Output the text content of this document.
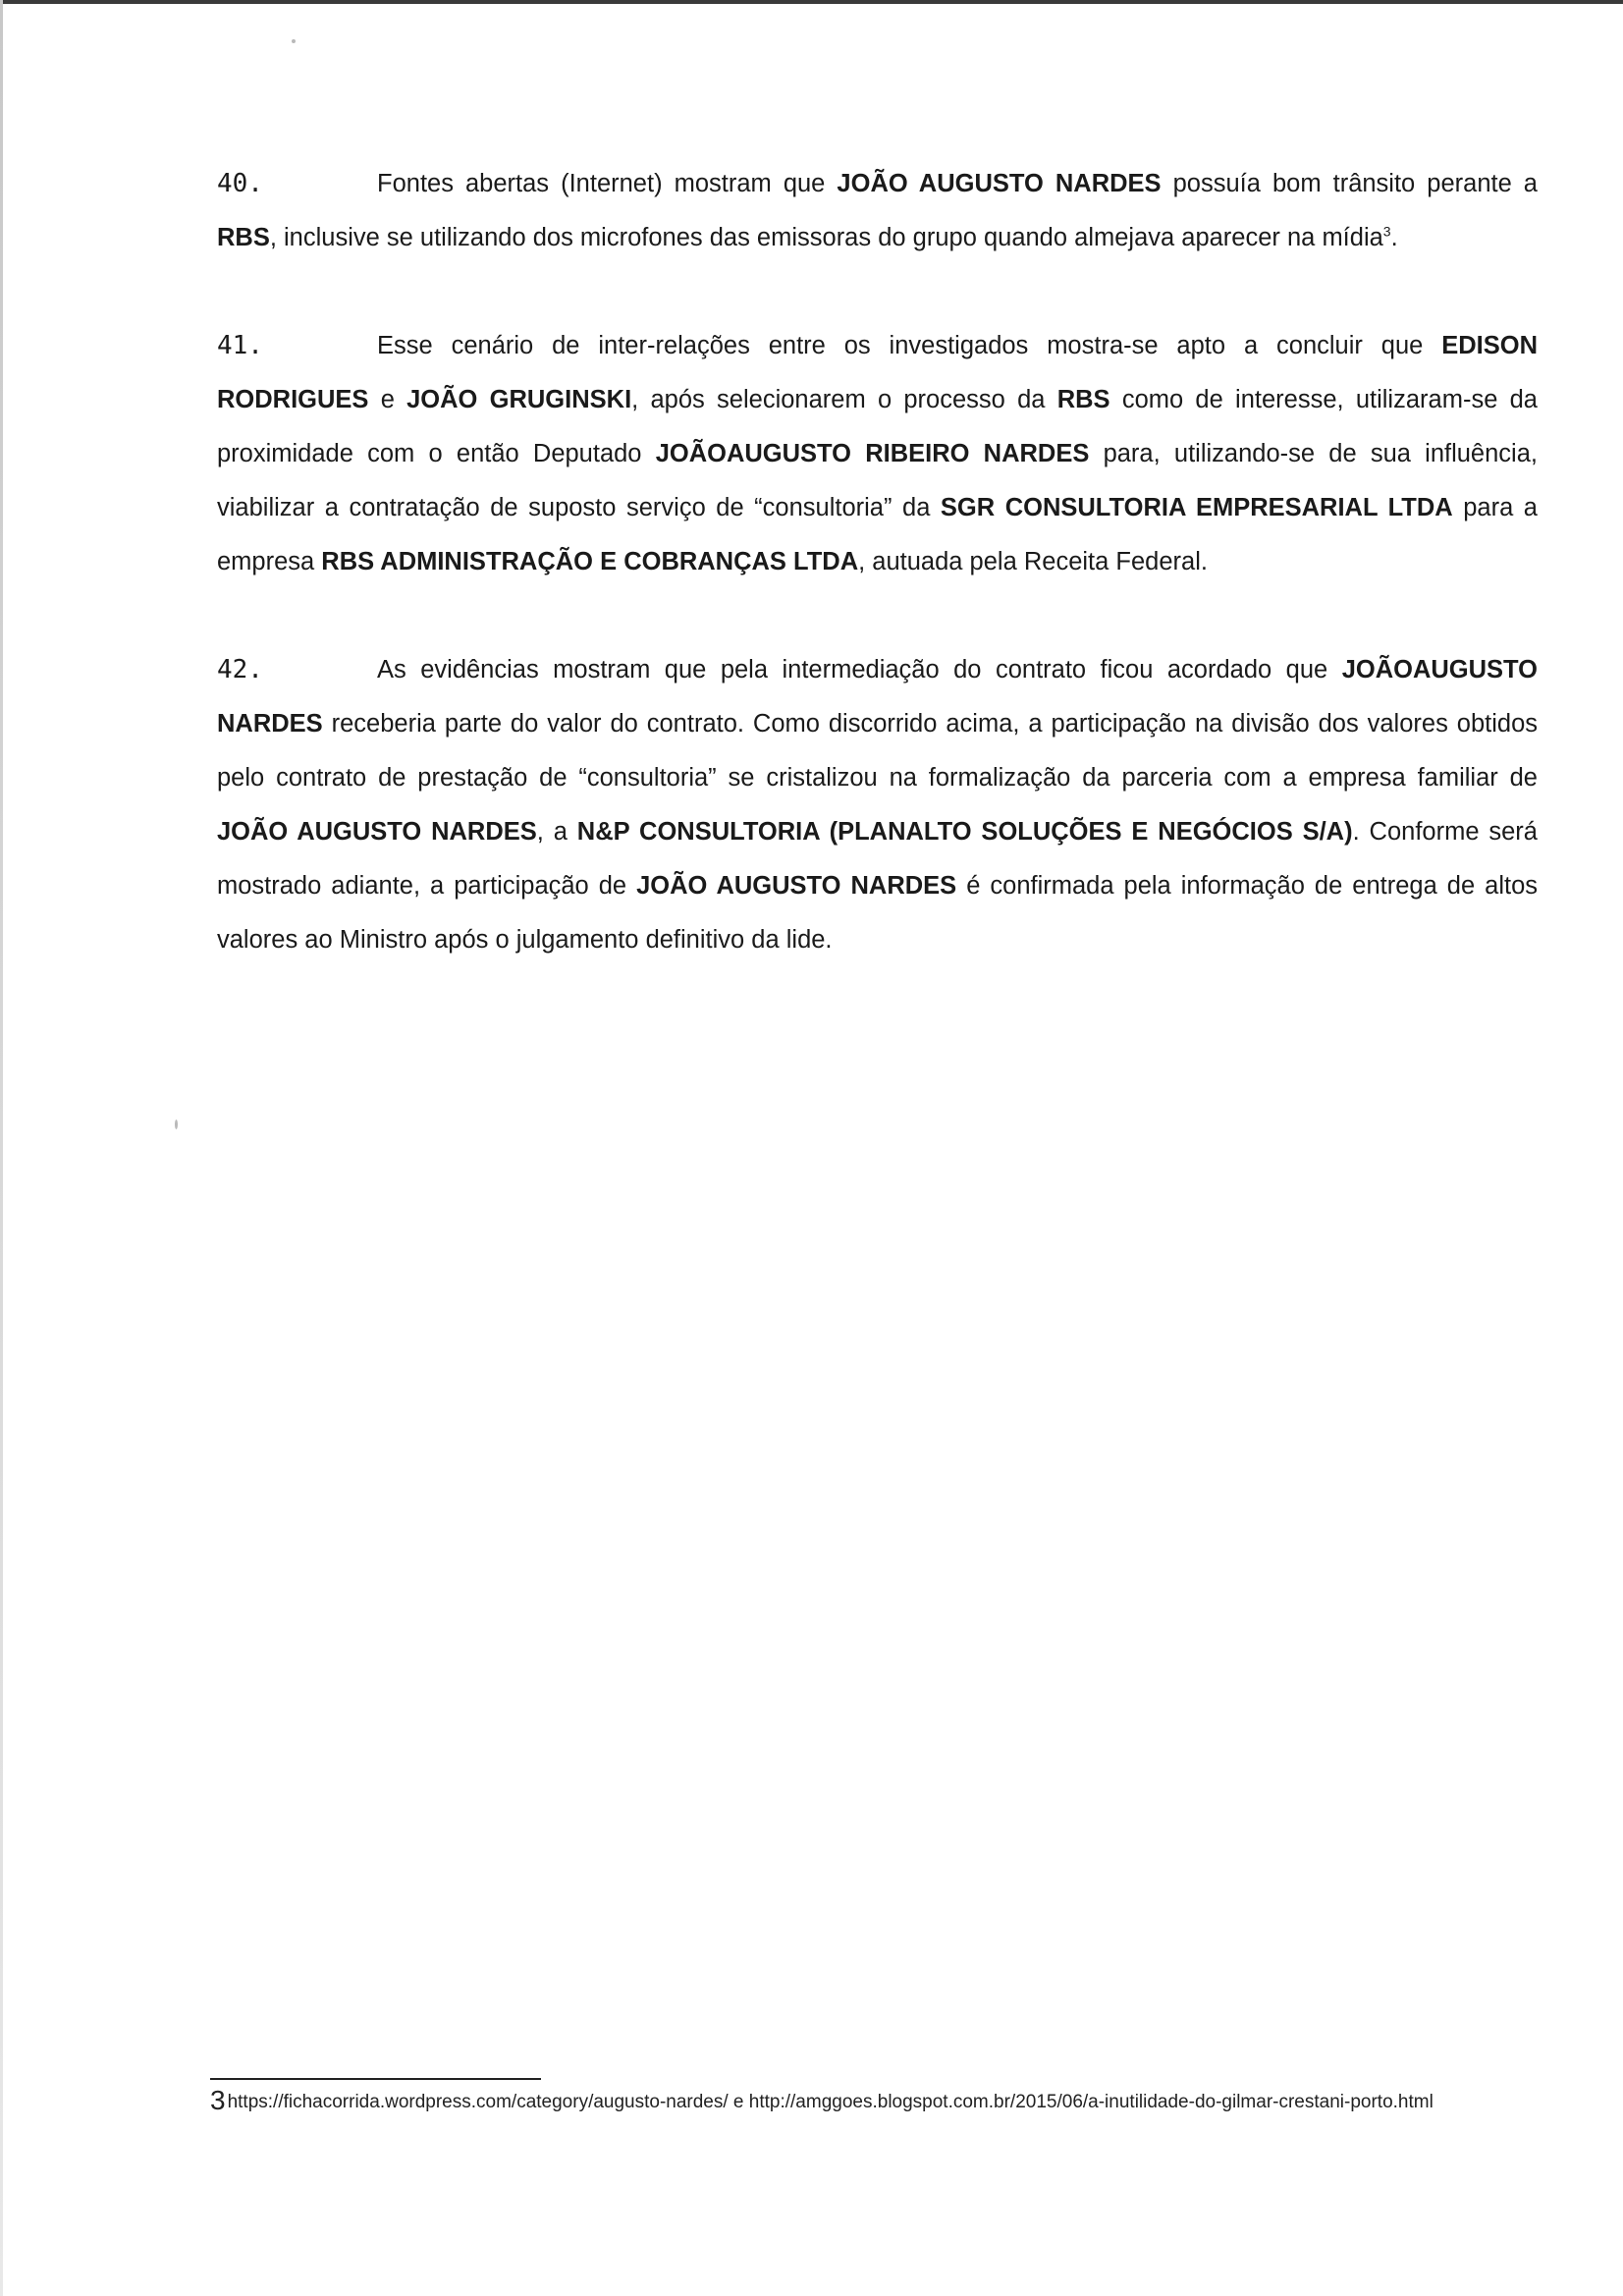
40.	Fontes abertas (Internet) mostram que JOÃO AUGUSTO NARDES possuía bom trânsito perante a RBS, inclusive se utilizando dos microfones das emissoras do grupo quando almejava aparecer na mídia$^3$.

41.	Esse cenário de inter-relações entre os investigados mostra-se apto a concluir que EDISON RODRIGUES e JOÃO GRUGINSKI, após selecionarem o processo da RBS como de interesse, utilizaram-se da proximidade com o então Deputado JOÃOAUGUSTO RIBEIRO NARDES para, utilizando-se de sua influência, viabilizar a contratação de suposto serviço de “consultoria” da SGR CONSULTORIA EMPRESARIAL LTDA para a empresa RBS ADMINISTRAÇÃO E COBRANÇAS LTDA, autuada pela Receita Federal.

42.	As evidências mostram que pela intermediação do contrato ficou acordado que JOÃOAUGUSTO NARDES receberia parte do valor do contrato. Como discorrido acima, a participação na divisão dos valores obtidos pelo contrato de prestação de “consultoria” se cristalizou na formalização da parceria com a empresa familiar de JOÃO AUGUSTO NARDES, a N&P CONSULTORIA (PLANALTO SOLUÇÕES E NEGÓCIOS S/A). Conforme será mostrado adiante, a participação de JOÃO AUGUSTO NARDES é confirmada pela informação de entrega de altos valores ao Ministro após o julgamento definitivo da lide.

3 https://fichacorrida.wordpress.com/category/augusto-nardes/ e http://amggoes.blogspot.com.br/2015/06/a-inutilidade-do-gilmar-crestani-porto.html
